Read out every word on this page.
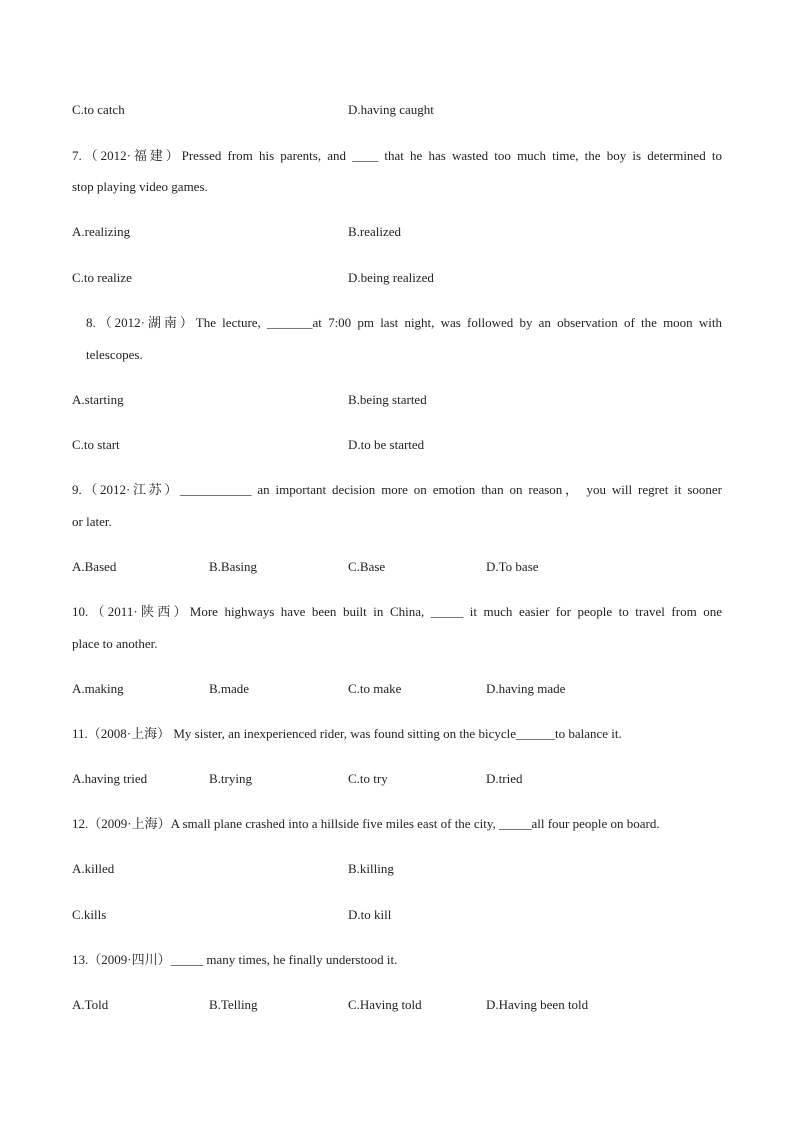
C.to catch	D.having caught
7.（2012·福建）Pressed from his parents, and ____ that he has wasted too much time, the boy is determined to
stop playing video games.
A.realizing	B.realized
C.to realize	D.being realized
8.（2012·湖南）The lecture, _______at 7:00 pm last night, was followed by an observation of the moon with
telescopes.
A.starting	B.being started
C.to start	D.to be started
9.（2012·江苏）___________ an important decision more on emotion than on reason， you will regret it sooner
or later.
A.Based	B.Basing	C.Base	D.To base
10.（2011·陕西）More highways have been built in China, _____ it much easier for people to travel from one
place to another.
A.making	B.made	C.to make	D.having made
11.（2008·上海） My sister, an inexperienced rider, was found sitting on the bicycle______to balance it.
A.having tried	B.trying	C.to try	D.tried
12.（2009·上海）A small plane crashed into a hillside five miles east of the city, _____all four people on board.
A.killed	B.killing
C.kills	D.to kill
13.（2009·四川）_____ many times, he finally understood it.
A.Told	B.Telling	C.Having told	D.Having been told
